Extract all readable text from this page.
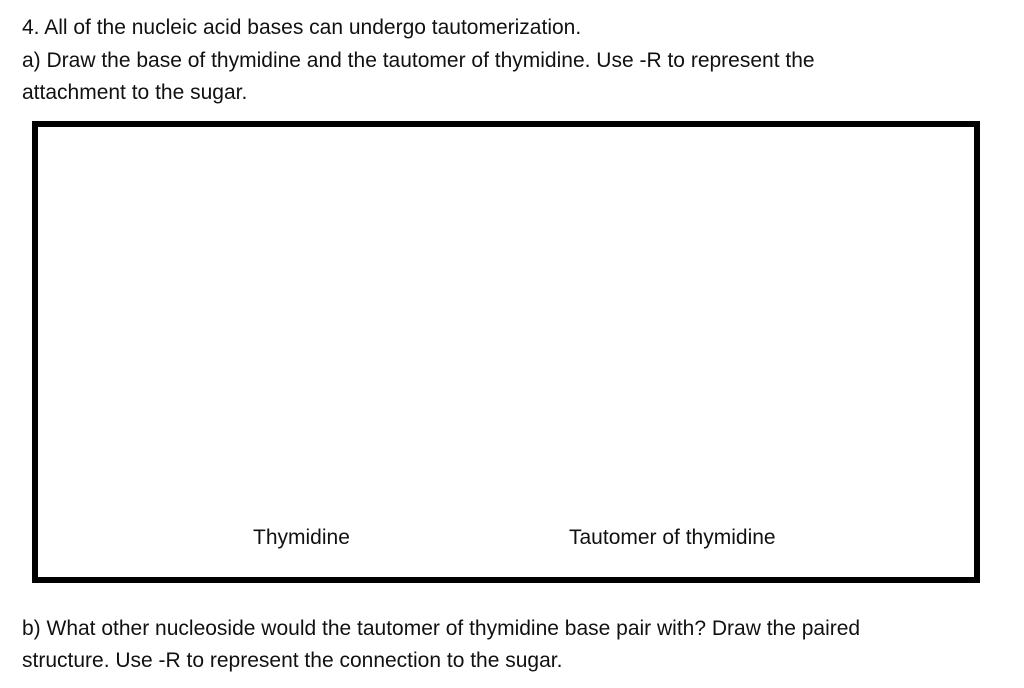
4. All of the nucleic acid bases can undergo tautomerization.
a) Draw the base of thymidine and the tautomer of thymidine. Use -R to represent the
attachment to the sugar.
Thymidine	Tautomer of thymidine
b) What other nucleoside would the tautomer of thymidine base pair with? Draw the paired
structure. Use -R to represent the connection to the sugar.
